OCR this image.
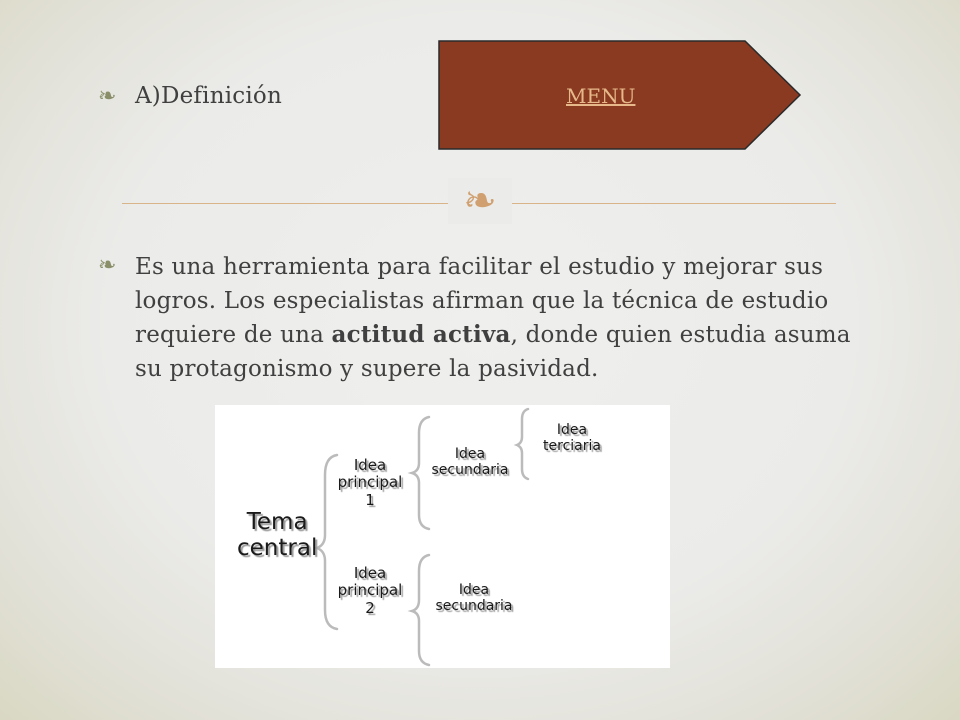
❧ A)Definición	MENU
❧
❧ Es una herramienta para facilitar el estudio y mejorar sus logros. Los especialistas afirman que la técnica de estudio requiere de una actitud activa, donde quien estudia asuma su protagonismo y supere la pasividad.
Tema
central
Idea
principal
1
Idea
principal
2
Idea
secundaria
Idea
secundaria
Idea
terciaria
